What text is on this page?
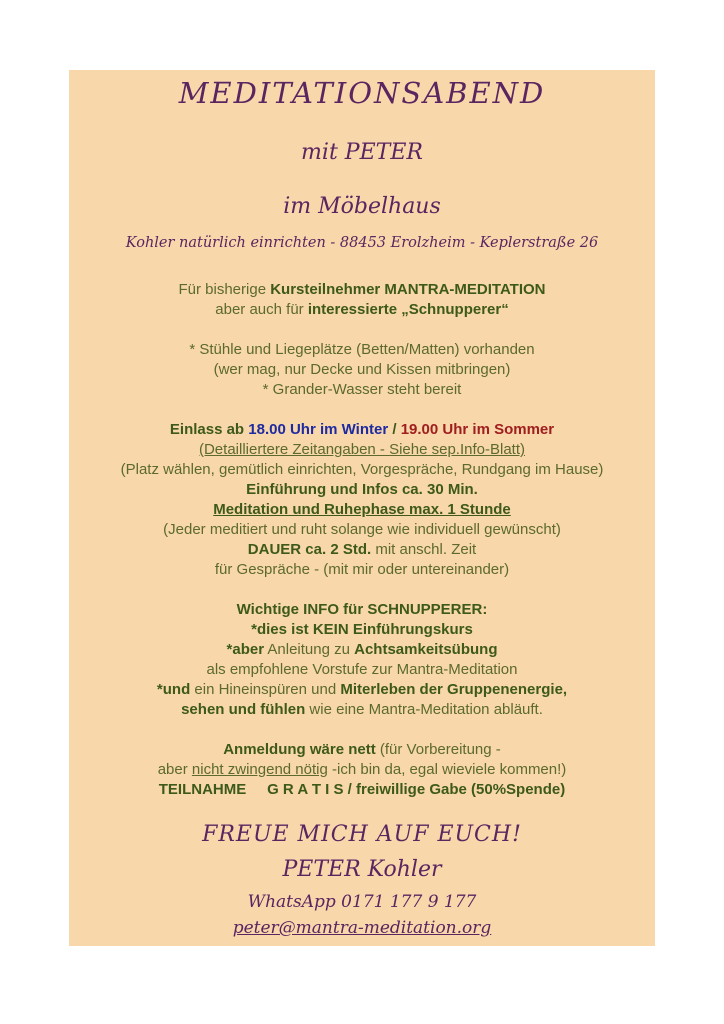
MEDITATIONSABEND
mit PETER
im Möbelhaus
Kohler natürlich einrichten - 88453 Erolzheim - Keplerstraße 26

Für bisherige Kursteilnehmer MANTRA-MEDITATION

aber auch für interessierte „Schnupperer“

* Stühle und Liegeplätze (Betten/Matten) vorhanden

(wer mag, nur Decke und Kissen mitbringen)

* Grander-Wasser steht bereit

Einlass ab 18.00 Uhr im Winter / 19.00 Uhr im Sommer

(Detailliertere Zeitangaben - Siehe sep.Info-Blatt)

(Platz wählen, gemütlich einrichten, Vorgespräche, Rundgang im Hause)

Einführung und Infos ca. 30 Min.

Meditation und Ruhephase max. 1 Stunde

(Jeder meditiert und ruht solange wie individuell gewünscht)

DAUER ca. 2 Std. mit anschl. Zeit

für Gespräche - (mit mir oder untereinander)

Wichtige INFO für SCHNUPPERER:

*dies ist KEIN Einführungskurs

*aber Anleitung zu Achtsamkeitsübung

als empfohlene Vorstufe zur Mantra-Meditation

*und ein Hineinspüren und Miterleben der Gruppenenergie,

sehen und fühlen wie eine Mantra-Meditation abläuft.

Anmeldung wäre nett (für Vorbereitung -

aber nicht zwingend nötig -ich bin da, egal wieviele kommen!)

TEILNAHME     G R A T I S / freiwillige Gabe (50%Spende)

FREUE MICH AUF EUCH!
PETER Kohler
WhatsApp 0171 177 9 177
peter@mantra-meditation.org
